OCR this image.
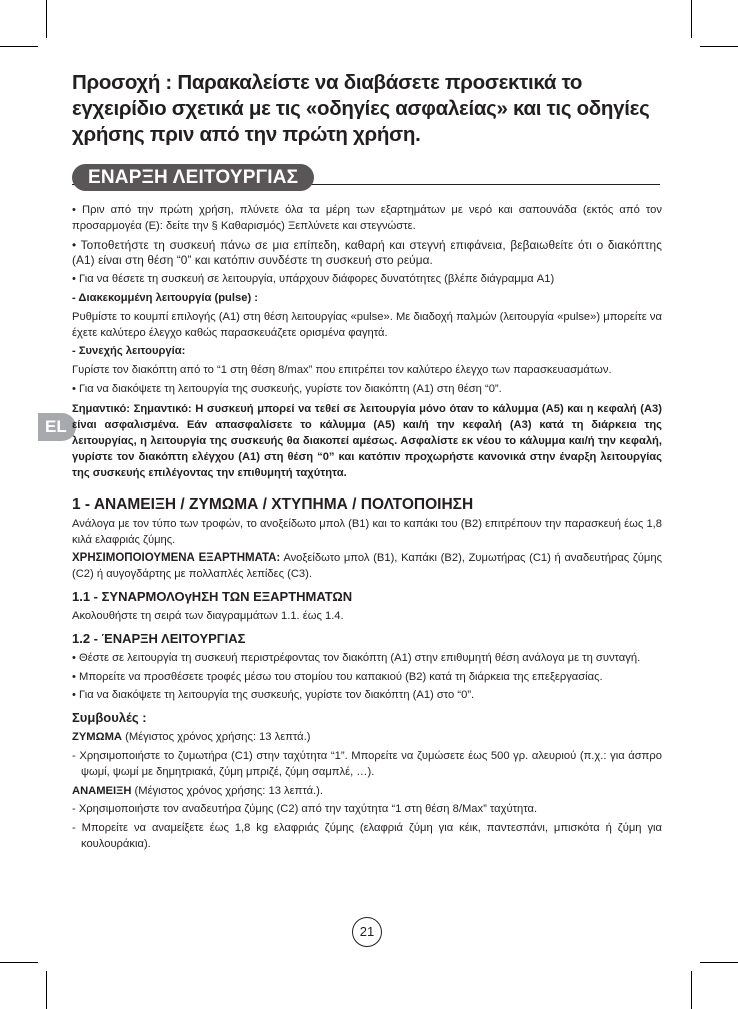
Προσοχή : Παρακαλείστε να διαβάσετε προσεκτικά το εγχειρίδιο σχετικά με τις «οδηγίες ασφαλείας» και τις οδηγίες χρήσης πριν από την πρώτη χρήση.
ΕΝΑΡΞΗ ΛΕΙΤΟΥΡΓΙΑΣ
EL

• Πριν από την πρώτη χρήση, πλύνετε όλα τα μέρη των εξαρτημάτων με νερό και σαπουνάδα (εκτός από τον προσαρμογέα (E): δείτε την § Καθαρισμός) Ξεπλύνετε και στεγνώστε.

• Τοποθετήστε τη συσκευή πάνω σε μια επίπεδη, καθαρή και στεγνή επιφάνεια, βεβαιωθείτε ότι ο διακόπτης (A1) είναι στη θέση “0” και κατόπιν συνδέστε τη συσκευή στο ρεύμα.

• Για να θέσετε τη συσκευή σε λειτουργία, υπάρχουν διάφορες δυνατότητες (βλέπε διάγραμμα A1)

- Διακεκομμένη λειτουργία (pulse) :

Ρυθμίστε το κουμπί επιλογής (A1) στη θέση λειτουργίας «pulse». Με διαδοχή παλμών (λειτουργία «pulse») μπορείτε να έχετε καλύτερο έλεγχο καθώς παρασκευάζετε ορισμένα φαγητά.

- Συνεχής λειτουργία:

Γυρίστε τον διακόπτη από το “1 στη θέση 8/max” που επιτρέπει τον καλύτερο έλεγχο των παρασκευασμάτων.

• Για να διακόψετε τη λειτουργία της συσκευής, γυρίστε τον διακόπτη (A1) στη θέση “0”.

Σημαντικό: Σημαντικό: Η συσκευή μπορεί να τεθεί σε λειτουργία μόνο όταν το κάλυμμα (A5) και η κεφαλή (A3) είναι ασφαλισμένα. Εάν απασφαλίσετε το κάλυμμα (A5) και/ή την κεφαλή (A3) κατά τη διάρκεια της λειτουργίας, η λειτουργία της συσκευής θα διακοπεί αμέσως. Ασφαλίστε εκ νέου το κάλυμμα και/ή την κεφαλή, γυρίστε τον διακόπτη ελέγχου (A1) στη θέση “0” και κατόπιν προχωρήστε κανονικά στην έναρξη λειτουργίας της συσκευής επιλέγοντας την επιθυμητή ταχύτητα.

1 - ΑΝΑΜΕΙΞΗ / ΖΥΜΩΜΑ / ΧΤΥΠΗΜΑ / ΠΟΛΤΟΠΟΙΗΣΗ

Ανάλογα με τον τύπο των τροφών, το ανοξείδωτο μπολ (B1) και το καπάκι του (B2) επιτρέπουν την παρασκευή έως 1,8 κιλά ελαφριάς ζύμης.

ΧΡΗΣΙΜΟΠΟΙΟΥΜΕΝΑ ΕΞΑΡΤΗΜΑΤΑ: Ανοξείδωτο μπολ (B1), Καπάκι (B2), Ζυμωτήρας (C1) ή αναδευτήρας ζύμης (C2) ή αυγογδάρτης με πολλαπλές λεπίδες (C3).

1.1 - ΣΥΝΑΡΜΟΛΟγΗΣΗ ΤΩΝ ΕΞΑΡΤΗΜΑΤΩΝ

Ακολουθήστε τη σειρά των διαγραμμάτων 1.1. έως 1.4.

1.2 - ΈΝΑΡΞΗ ΛΕΙΤΟΥΡΓΙΑΣ

• Θέστε σε λειτουργία τη συσκευή περιστρέφοντας τον διακόπτη (A1) στην επιθυμητή θέση ανάλογα με τη συνταγή.

• Μπορείτε να προσθέσετε τροφές μέσω του στομίου του καπακιού (B2) κατά τη διάρκεια της επεξεργασίας.

• Για να διακόψετε τη λειτουργία της συσκευής, γυρίστε τον διακόπτη (A1) στο “0”.

Συμβουλές :

ΖΥΜΩΜΑ (Μέγιστος χρόνος χρήσης: 13 λεπτά.)

- Χρησιμοποιήστε το ζυμωτήρα (C1) στην ταχύτητα “1”. Μπορείτε να ζυμώσετε έως 500 γρ. αλευριού (π.χ.: για άσπρο ψωμί, ψωμί με δημητριακά, ζύμη μπριζέ, ζύμη σαμπλέ, …).

ΑΝΑΜΕΙΞΗ (Μέγιστος χρόνος χρήσης: 13 λεπτά.).

- Χρησιμοποιήστε τον αναδευτήρα ζύμης (C2) από την ταχύτητα “1 στη θέση 8/Max” ταχύτητα.

- Μπορείτε να αναμείξετε έως 1,8 kg ελαφριάς ζύμης (ελαφριά ζύμη για κέικ, παντεσπάνι, μπισκότα ή ζύμη για κουλουράκια).

21
